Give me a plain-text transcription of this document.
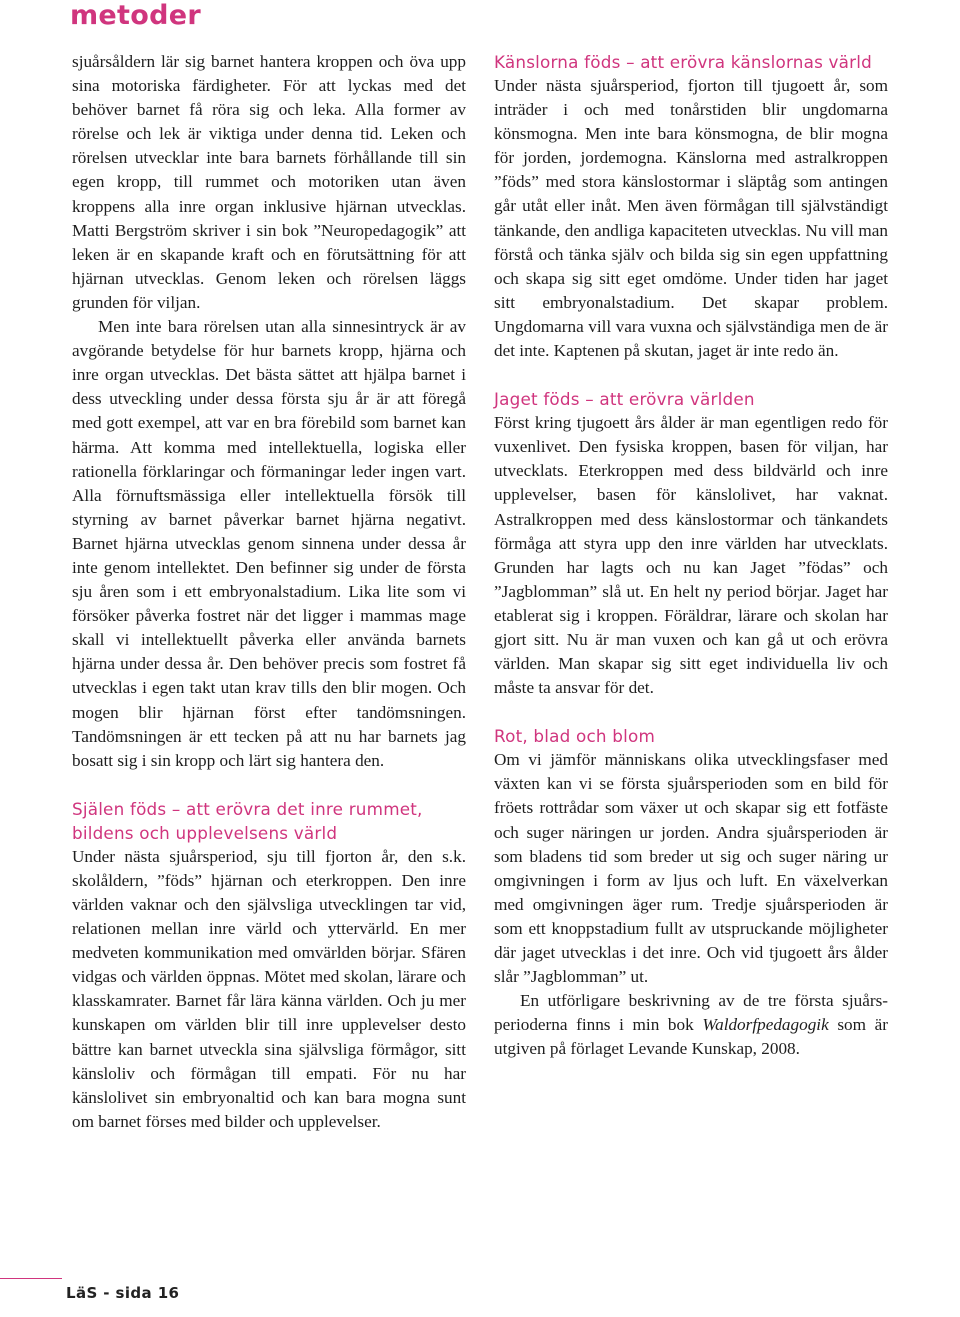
metoder

sjuårsåldern lär sig barnet hantera kroppen och öva upp sina motoriska färdigheter. För att lyckas med det behöver barnet få röra sig och leka. Alla former av rörelse och lek är viktiga under denna tid. Leken och rörelsen utvecklar inte bara barnets förhållande till sin egen kropp, till rummet och motoriken utan även kroppens alla inre organ inklusive hjärnan utvecklas. Matti Bergström skriver i sin bok ”Neuropedagogik” att leken är en skapande kraft och en förutsättning för att hjärnan utvecklas. Genom leken och rörelsen läggs grunden för viljan.

Men inte bara rörelsen utan alla sinnesintryck är av avgörande betydelse för hur barnets kropp, hjärna och inre organ utvecklas. Det bästa sättet att hjälpa barnet i dess utveckling under dessa första sju år är att föregå med gott exempel, att var en bra förebild som barnet kan härma. Att komma med intellektuella, logiska eller rationella förklaringar och förmaningar leder ingen vart. Alla förnuftsmässiga eller intellektuella försök till styrning av barnet påverkar barnet hjärna negativt. Barnet hjärna utvecklas genom sinnena under dessa år inte genom intellektet. Den befinner sig under de första sju åren som i ett embryonalstadium. Lika lite som vi försöker påverka fostret när det ligger i mammas mage skall vi intellektuellt påverka eller använda barnets hjärna under dessa år. Den behöver precis som fostret få utvecklas i egen takt utan krav tills den blir mogen. Och mogen blir hjärnan först efter tandömsningen. Tandömsningen är ett tecken på att nu har barnets jag bosatt sig i sin kropp och lärt sig hantera den.

Själen föds – att erövra det inre rummet, bildens och upplevelsens värld

Under nästa sjuårsperiod, sju till fjorton år, den s.k. skolåldern, ”föds” hjärnan och eterkroppen. Den inre världen vaknar och den självsliga utvecklingen tar vid, relationen mellan inre värld och yttervärld. En mer medveten kommunikation med omvärlden börjar. Sfären vidgas och världen öppnas. Mötet med skolan, lärare och klasskamrater. Barnet får lära känna världen. Och ju mer kunskapen om världen blir till inre upplevelser desto bättre kan barnet utveckla sina självsliga förmågor, sitt känsloliv och förmågan till empati. För nu har känslolivet sin embryonaltid och kan bara mogna sunt om barnet förses med bilder och upplevelser.

Känslorna föds – att erövra känslornas värld

Under nästa sjuårsperiod, fjorton till tjugoett år, som inträder i och med tonårstiden blir ungdomarna könsmogna. Men inte bara könsmogna, de blir mogna för jorden, jordemogna. Känslorna med astralkroppen ”föds” med stora känslostormar i släptåg som antingen går utåt eller inåt. Men även förmågan till självständigt tänkande, den andliga kapaciteten utvecklas. Nu vill man förstå och tänka själv och bilda sig sin egen uppfattning och skapa sig sitt eget omdöme. Under tiden har jaget sitt embryonalstadium. Det skapar problem. Ungdomarna vill vara vuxna och självständiga men de är det inte. Kaptenen på skutan, jaget är inte redo än.

Jaget föds – att erövra världen

Först kring tjugoett års ålder är man egentligen redo för vuxenlivet. Den fysiska kroppen, basen för viljan, har utvecklats. Eterkroppen med dess bildvärld och inre upplevelser, basen för känslolivet, har vaknat. Astralkroppen med dess känslostormar och tänkandets förmåga att styra upp den inre världen har utvecklats. Grunden har lagts och nu kan Jaget ”födas” och ”Jagblomman” slå ut. En helt ny period börjar. Jaget har etablerat sig i kroppen. Föräldrar, lärare och skolan har gjort sitt. Nu är man vuxen och kan gå ut och erövra världen. Man skapar sig sitt eget individuella liv och måste ta ansvar för det.

Rot, blad och blom

Om vi jämför människans olika utvecklingsfaser med växten kan vi se första sjuårsperioden som en bild för fröets rottrådar som växer ut och skapar sig ett fotfäste och suger näringen ur jorden. Andra sjuårsperioden är som bladens tid som breder ut sig och suger näring ur omgivningen i form av ljus och luft. En växelverkan med omgivningen äger rum. Tredje sjuårsperioden är som ett knoppstadium fullt av utspruckande möjligheter där jaget utvecklas i det inre. Och vid tjugoett års ålder slår ”Jagblomman” ut.

En utförligare beskrivning av de tre första sjuårsperioderna finns i min bok Waldorfpedagogik som är utgiven på förlaget Levande Kunskap, 2008.

LäS - sida 16
